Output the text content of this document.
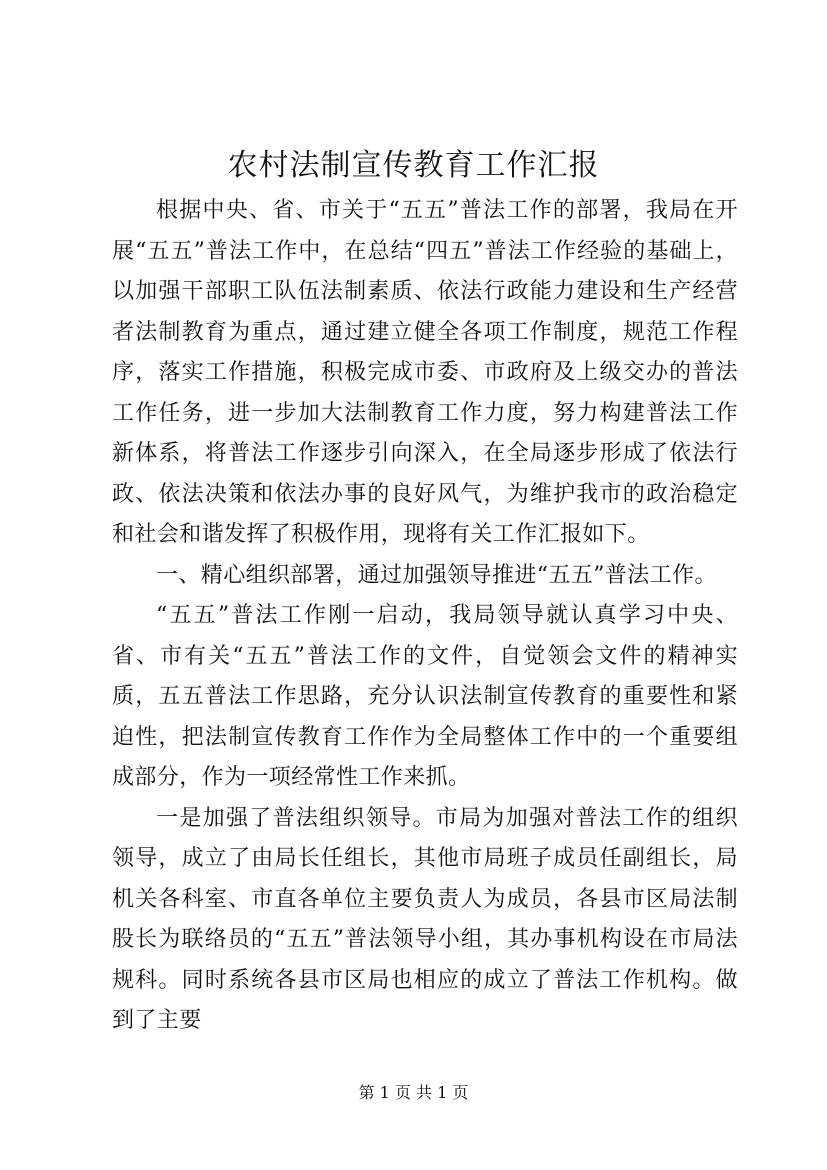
农村法制宣传教育工作汇报

根据中央、省、市关于“五五”普法工作的部署，我局在开展“五五”普法工作中，在总结“四五”普法工作经验的基础上，以加强干部职工队伍法制素质、依法行政能力建设和生产经营者法制教育为重点，通过建立健全各项工作制度，规范工作程序，落实工作措施，积极完成市委、市政府及上级交办的普法工作任务，进一步加大法制教育工作力度，努力构建普法工作新体系，将普法工作逐步引向深入，在全局逐步形成了依法行政、依法决策和依法办事的良好风气，为维护我市的政治稳定和社会和谐发挥了积极作用，现将有关工作汇报如下。

一、精心组织部署，通过加强领导推进“五五”普法工作。

“五五”普法工作刚一启动，我局领导就认真学习中央、省、市有关“五五”普法工作的文件，自觉领会文件的精神实质，五五普法工作思路，充分认识法制宣传教育的重要性和紧迫性，把法制宣传教育工作作为全局整体工作中的一个重要组成部分，作为一项经常性工作来抓。

一是加强了普法组织领导。市局为加强对普法工作的组织领导，成立了由局长任组长，其他市局班子成员任副组长，局机关各科室、市直各单位主要负责人为成员，各县市区局法制股长为联络员的“五五”普法领导小组，其办事机构设在市局法规科。同时系统各县市区局也相应的成立了普法工作机构。做到了主要

第 1 页 共 1 页
